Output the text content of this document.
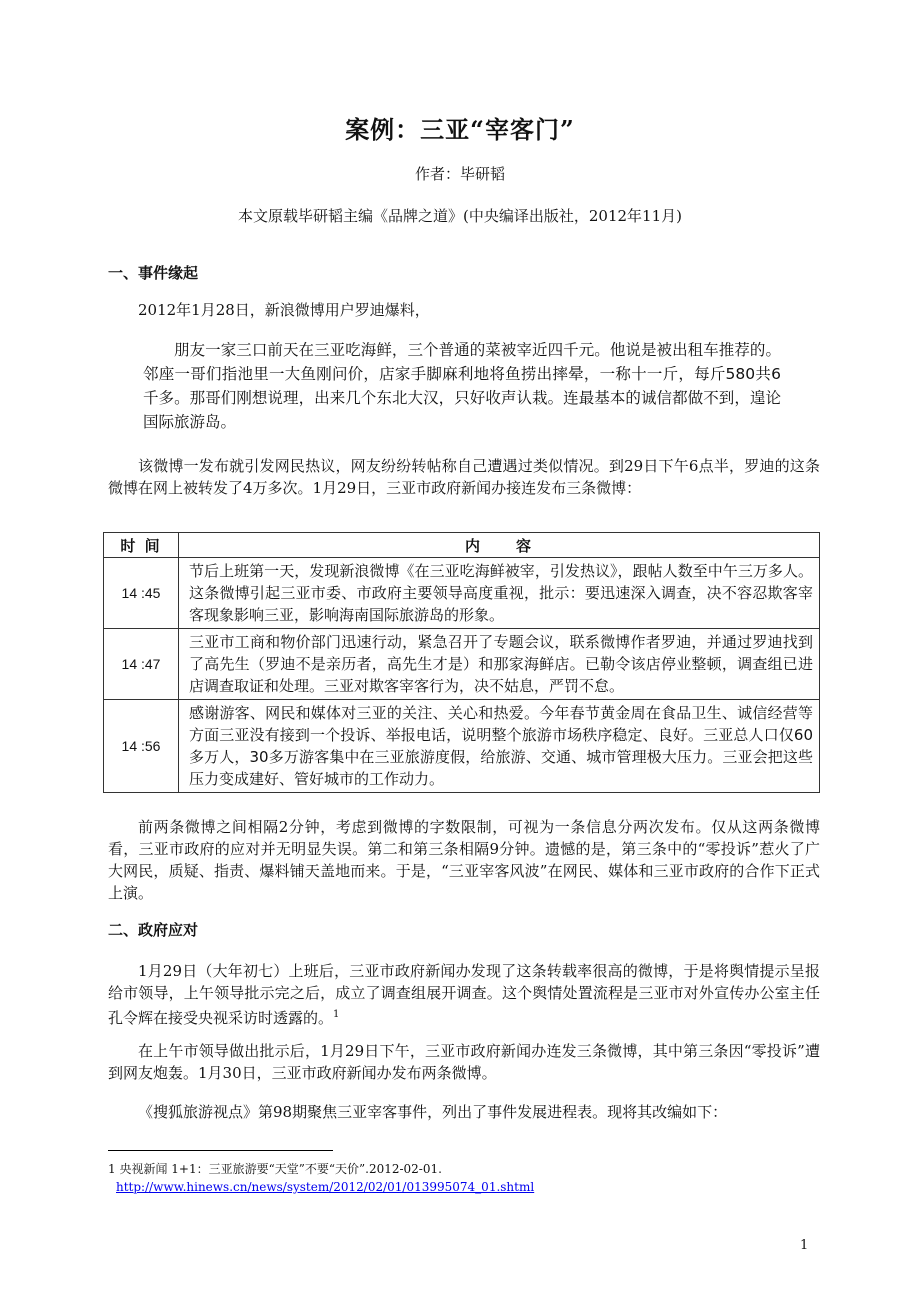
案例：三亚“宰客门”
作者：毕研韬
本文原载毕研韬主编《品牌之道》(中央编译出版社，2012年11月)
一、事件缘起

2012年1月28日，新浪微博用户罗迪爆料，

朋友一家三口前天在三亚吃海鲜，三个普通的菜被宰近四千元。他说是被出租车推荐的。邻座一哥们指池里一大鱼刚问价，店家手脚麻利地将鱼捞出摔晕，一称十一斤，每斤580共6千多。那哥们刚想说理，出来几个东北大汉，只好收声认栽。连最基本的诚信都做不到，遑论国际旅游岛。

该微博一发布就引发网民热议，网友纷纷转帖称自己遭遇过类似情况。到29日下午6点半，罗迪的这条微博在网上被转发了4万多次。1月29日，三亚市政府新闻办接连发布三条微博：

时 间	内　　容
14 :45	节后上班第一天，发现新浪微博《在三亚吃海鲜被宰，引发热议》，跟帖人数至中午三万多人。这条微博引起三亚市委、市政府主要领导高度重视，批示：要迅速深入调查，决不容忍欺客宰客现象影响三亚，影响海南国际旅游岛的形象。
14 :47	三亚市工商和物价部门迅速行动，紧急召开了专题会议，联系微博作者罗迪，并通过罗迪找到了高先生（罗迪不是亲历者，高先生才是）和那家海鲜店。已勒令该店停业整顿，调查组已进店调查取证和处理。三亚对欺客宰客行为，决不姑息，严罚不怠。
14 :56	感谢游客、网民和媒体对三亚的关注、关心和热爱。今年春节黄金周在食品卫生、诚信经营等方面三亚没有接到一个投诉、举报电话，说明整个旅游市场秩序稳定、良好。三亚总人口仅60多万人，30多万游客集中在三亚旅游度假，给旅游、交通、城市管理极大压力。三亚会把这些压力变成建好、管好城市的工作动力。

前两条微博之间相隔2分钟，考虑到微博的字数限制，可视为一条信息分两次发布。仅从这两条微博看，三亚市政府的应对并无明显失误。第二和第三条相隔9分钟。遗憾的是，第三条中的“零投诉”惹火了广大网民，质疑、指责、爆料铺天盖地而来。于是，“三亚宰客风波”在网民、媒体和三亚市政府的合作下正式上演。

二、政府应对

1月29日（大年初七）上班后，三亚市政府新闻办发现了这条转载率很高的微博，于是将舆情提示呈报给市领导，上午领导批示完之后，成立了调查组展开调查。这个舆情处置流程是三亚市对外宣传办公室主任孔令辉在接受央视采访时透露的。$^1$

在上午市领导做出批示后，1月29日下午，三亚市政府新闻办连发三条微博，其中第三条因“零投诉”遭到网友炮轰。1月30日，三亚市政府新闻办发布两条微博。

《搜狐旅游视点》第98期聚焦三亚宰客事件，列出了事件发展进程表。现将其改编如下：

1 央视新闻 1+1：三亚旅游要“天堂”不要“天价”.2012-02-01.
http://www.hinews.cn/news/system/2012/02/01/013995074_01.shtml
1
